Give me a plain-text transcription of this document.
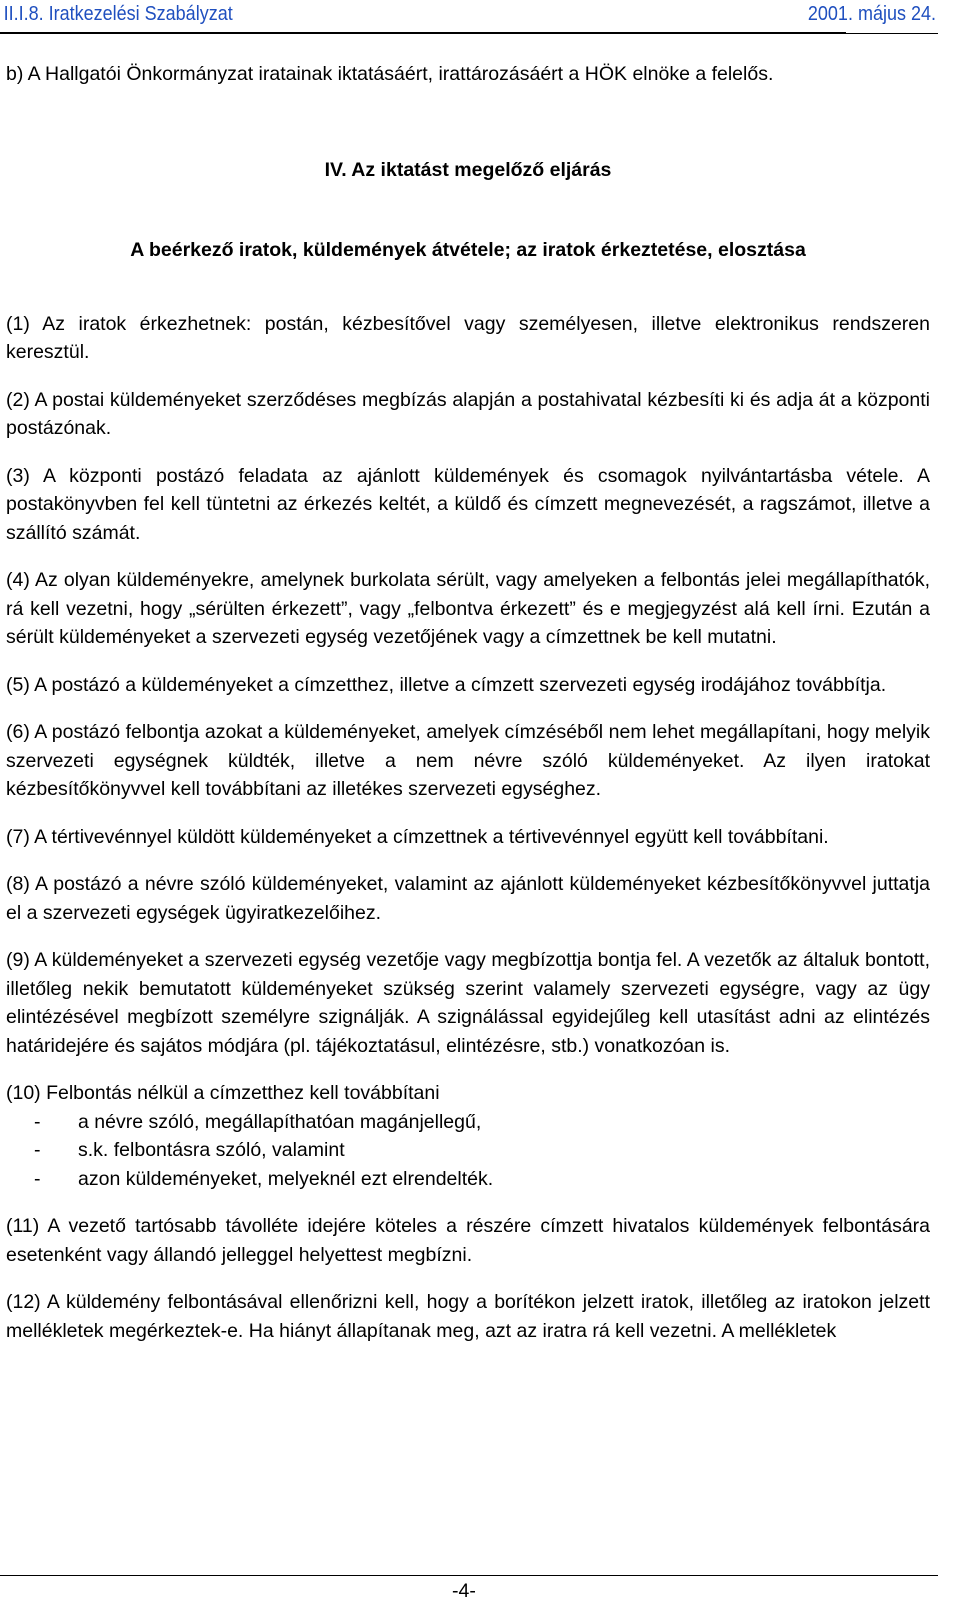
II.I.8. Iratkezelési Szabályzat	2001. május 24.

b) A Hallgatói Önkormányzat iratainak iktatásáért, irattározásáért a HÖK elnöke a felelős.

IV. Az iktatást megelőző eljárás

A beérkező iratok, küldemények átvétele; az iratok érkeztetése, elosztása

(1) Az iratok érkezhetnek: postán, kézbesítővel vagy személyesen, illetve elektronikus rendszeren keresztül.

(2) A postai küldeményeket szerződéses megbízás alapján a postahivatal kézbesíti ki és adja át a központi postázónak.

(3) A központi postázó feladata az ajánlott küldemények és csomagok nyilvántartásba vétele. A postakönyvben fel kell tüntetni az érkezés keltét, a küldő és címzett megnevezését, a ragszámot, illetve a szállító számát.

(4) Az olyan küldeményekre, amelynek burkolata sérült, vagy amelyeken a felbontás jelei megállapíthatók, rá kell vezetni, hogy „sérülten érkezett”, vagy „felbontva érkezett” és e megjegyzést alá kell írni. Ezután a sérült küldeményeket a szervezeti egység vezetőjének vagy a címzettnek be kell mutatni.

(5) A postázó a küldeményeket a címzetthez, illetve a címzett szervezeti egység irodájához továbbítja.

(6) A postázó felbontja azokat a küldeményeket, amelyek címzéséből nem lehet megállapítani, hogy melyik szervezeti egységnek küldték, illetve a nem névre szóló küldeményeket. Az ilyen iratokat kézbesítőkönyvvel kell továbbítani az illetékes szervezeti egységhez.

(7) A tértivevénnyel küldött küldeményeket a címzettnek a tértivevénnyel együtt kell továbbítani.

(8) A postázó a névre szóló küldeményeket, valamint az ajánlott küldeményeket kézbesítőkönyvvel juttatja el a szervezeti egységek ügyiratkezelőihez.

(9) A küldeményeket a szervezeti egység vezetője vagy megbízottja bontja fel. A vezetők az általuk bontott, illetőleg nekik bemutatott küldeményeket szükség szerint valamely szervezeti egységre, vagy az ügy elintézésével megbízott személyre szignálják. A szignálással egyidejűleg kell utasítást adni az elintézés határidejére és sajátos módjára (pl. tájékoztatásul, elintézésre, stb.) vonatkozóan is.

(10) Felbontás nélkül a címzetthez kell továbbítani

- a névre szóló, megállapíthatóan magánjellegű,
- s.k. felbontásra szóló, valamint
- azon küldeményeket, melyeknél ezt elrendelték.

(11) A vezető tartósabb távolléte idejére köteles a részére címzett hivatalos küldemények felbontására esetenként vagy állandó jelleggel helyettest megbízni.

(12) A küldemény felbontásával ellenőrizni kell, hogy a borítékon jelzett iratok, illetőleg az iratokon jelzett mellékletek megérkeztek-e. Ha hiányt állapítanak meg, azt az iratra rá kell vezetni. A mellékletek

-4-
